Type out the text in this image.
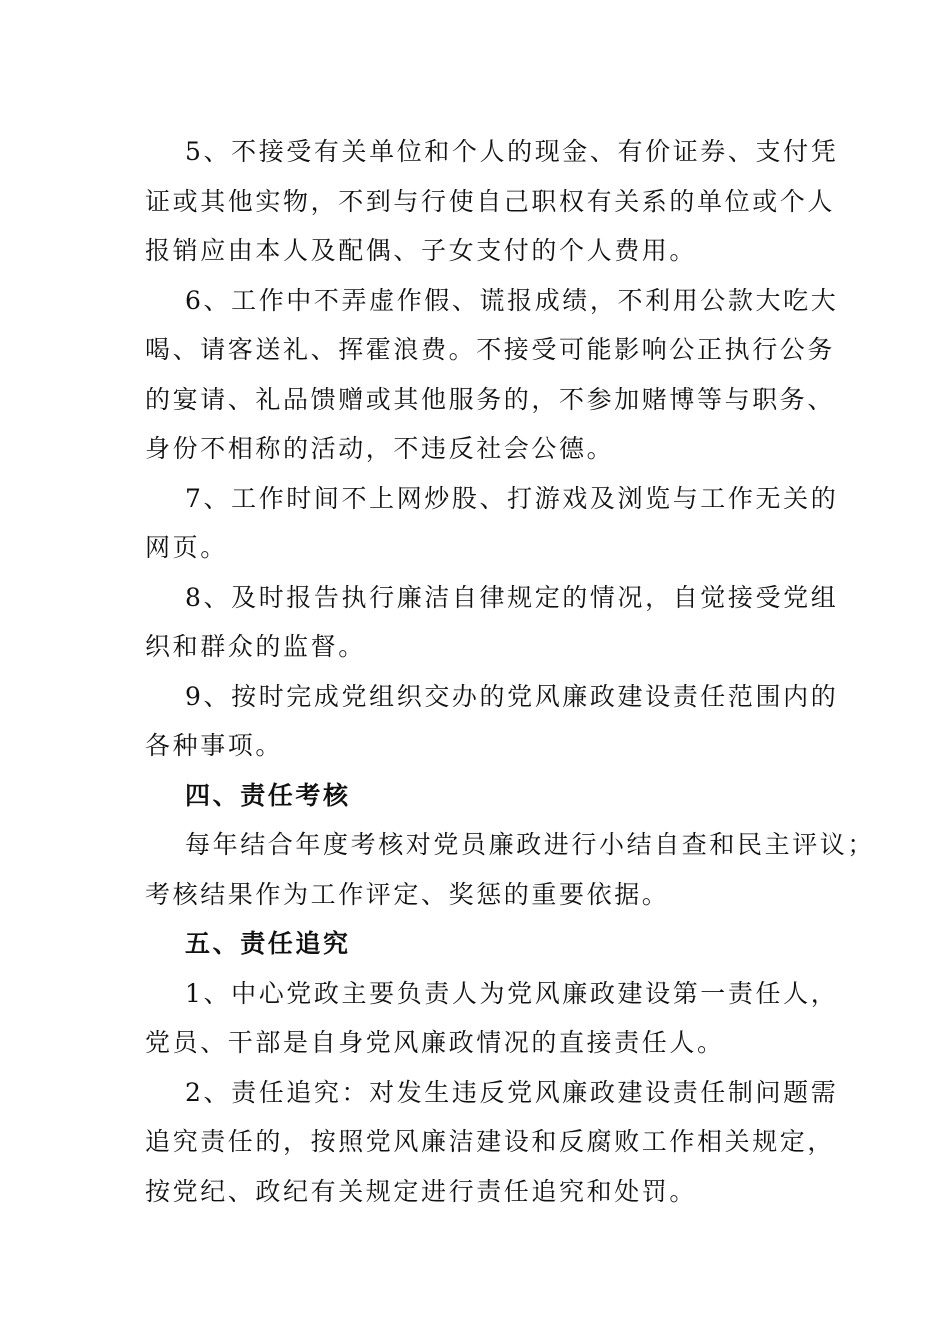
5、不接受有关单位和个人的现金、有价证券、支付凭
证或其他实物，不到与行使自己职权有关系的单位或个人
报销应由本人及配偶、子女支付的个人费用。
6、工作中不弄虚作假、谎报成绩，不利用公款大吃大
喝、请客送礼、挥霍浪费。不接受可能影响公正执行公务
的宴请、礼品馈赠或其他服务的，不参加赌博等与职务、
身份不相称的活动，不违反社会公德。
7、工作时间不上网炒股、打游戏及浏览与工作无关的
网页。
8、及时报告执行廉洁自律规定的情况，自觉接受党组
织和群众的监督。
9、按时完成党组织交办的党风廉政建设责任范围内的
各种事项。
四、责任考核
每年结合年度考核对党员廉政进行小结自查和民主评议；
考核结果作为工作评定、奖惩的重要依据。
五、责任追究
1、中心党政主要负责人为党风廉政建设第一责任人，
党员、干部是自身党风廉政情况的直接责任人。
2、责任追究：对发生违反党风廉政建设责任制问题需
追究责任的，按照党风廉洁建设和反腐败工作相关规定，
按党纪、政纪有关规定进行责任追究和处罚。
